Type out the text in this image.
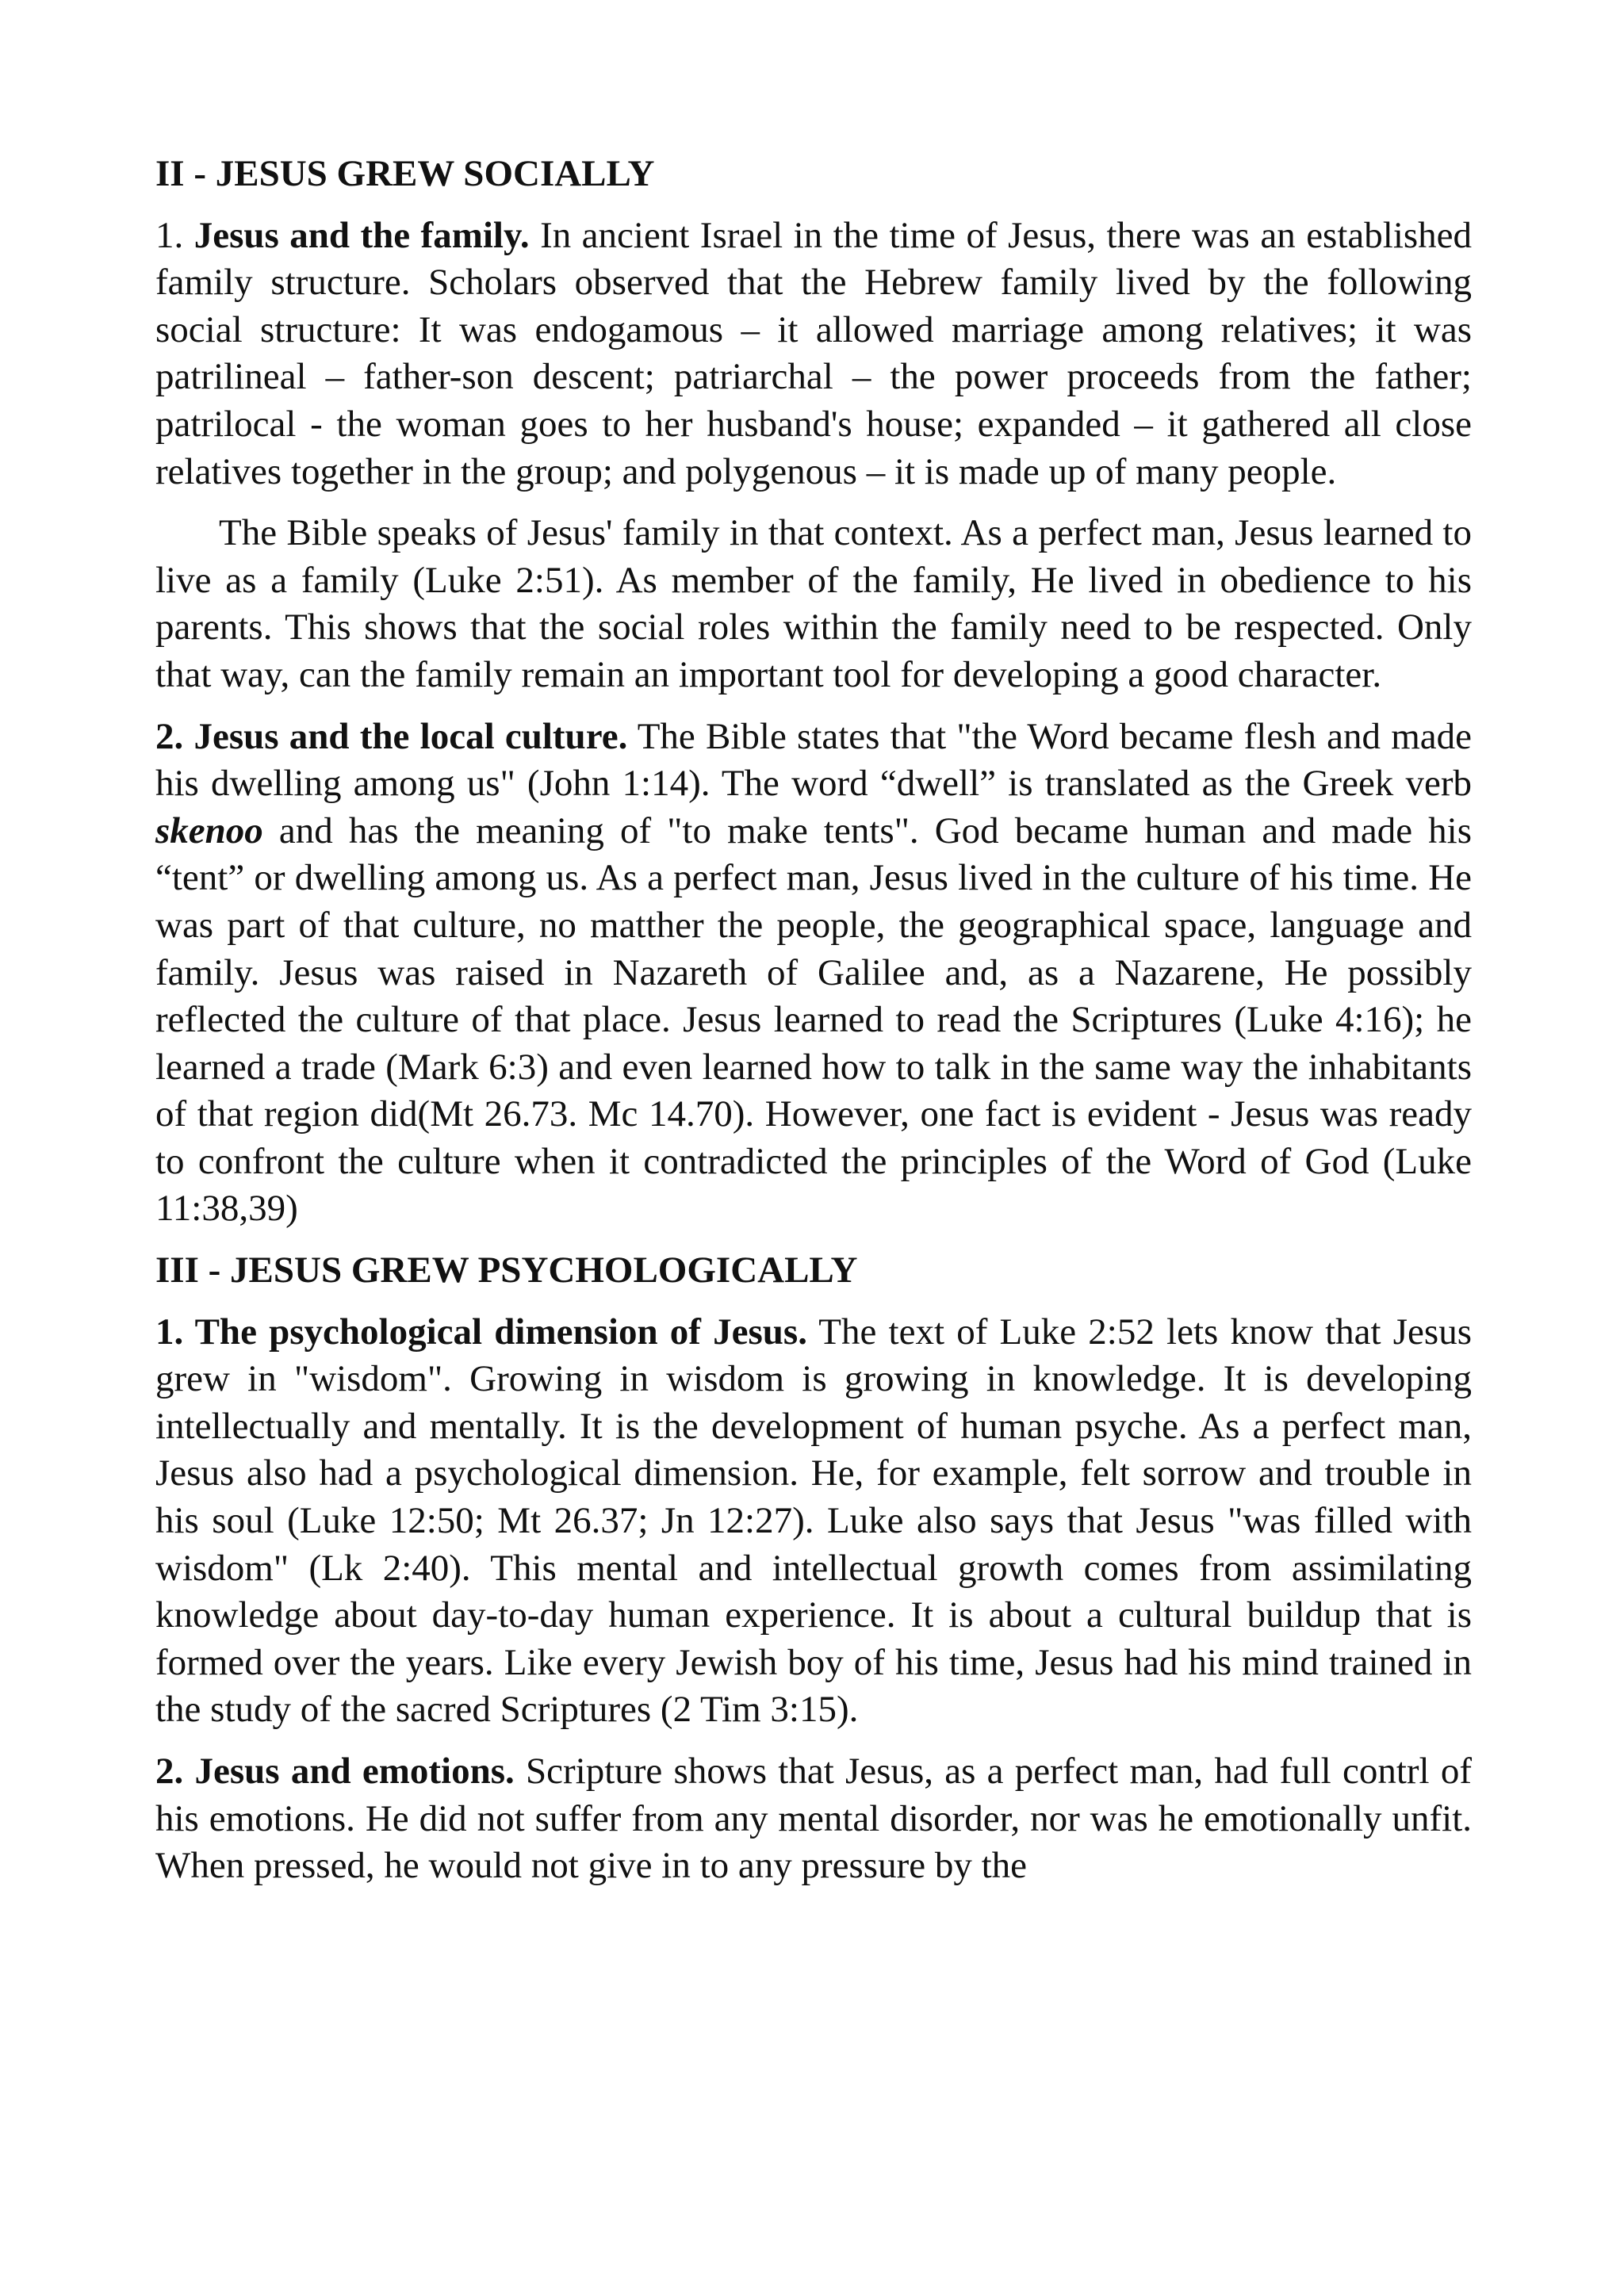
II - JESUS GREW SOCIALLY

1. Jesus and the family. In ancient Israel in the time of Jesus, there was an established family structure. Scholars observed that the Hebrew family lived by the following social structure: It was endogamous – it allowed marriage among relatives; it was patrilineal – father-son descent; patriarchal – the power proceeds from the father; patrilocal - the woman goes to her husband's house; expanded – it gathered all close relatives together in the group; and polygenous – it is made up of many people.

The Bible speaks of Jesus' family in that context. As a perfect man, Jesus learned to live as a family (Luke 2:51). As member of the family, He lived in obedience to his parents. This shows that the social roles within the family need to be respected. Only that way, can the family remain an important tool for developing a good character.

2. Jesus and the local culture. The Bible states that "the Word became flesh and made his dwelling among us" (John 1:14). The word “dwell” is translated as the Greek verb skenoo and has the meaning of "to make tents". God became human and made his “tent” or dwelling among us. As a perfect man, Jesus lived in the culture of his time. He was part of that culture, no matther the people, the geographical space, language and family. Jesus was raised in Nazareth of Galilee and, as a Nazarene, He possibly reflected the culture of that place. Jesus learned to read the Scriptures (Luke 4:16); he learned a trade (Mark 6:3) and even learned how to talk in the same way the inhabitants of that region did(Mt 26.73. Mc 14.70). However, one fact is evident - Jesus was ready to confront the culture when it contradicted the principles of the Word of God (Luke 11:38,39)

III - JESUS GREW PSYCHOLOGICALLY

1. The psychological dimension of Jesus. The text of Luke 2:52 lets know that Jesus grew in "wisdom". Growing in wisdom is growing in knowledge. It is developing intellectually and mentally. It is the development of human psyche. As a perfect man, Jesus also had a psychological dimension. He, for example, felt sorrow and trouble in his soul (Luke 12:50; Mt 26.37; Jn 12:27). Luke also says that Jesus "was filled with wisdom" (Lk 2:40). This mental and intellectual growth comes from assimilating knowledge about day-to-day human experience. It is about a cultural buildup that is formed over the years. Like every Jewish boy of his time, Jesus had his mind trained in the study of the sacred Scriptures (2 Tim 3:15).

2. Jesus and emotions. Scripture shows that Jesus, as a perfect man, had full contrl of his emotions. He did not suffer from any mental disorder, nor was he emotionally unfit. When pressed, he would not give in to any pressure by the
